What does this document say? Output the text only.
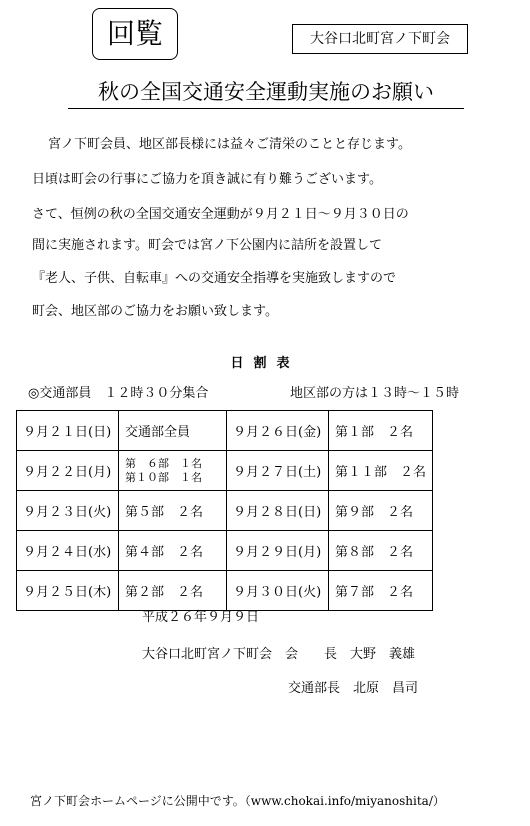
回覧	大谷口北町宮ノ下町会
秋の全国交通安全運動実施のお願い
宮ノ下町会員、地区部長様には益々ご清栄のことと存じます。
日頃は町会の行事にご協力を頂き誠に有り難うございます。
さて、恒例の秋の全国交通安全運動が９月２１日～９月３０日の
間に実施されます。町会では宮ノ下公園内に詰所を設置して
『老人、子供、自転車』への交通安全指導を実施致しますので
町会、地区部のご協力をお願い致します。
日割表
◎交通部員　１２時３０分集合	地区部の方は１３時～１５時
９月２１日(日)	交通部全員	９月２６日(金)	第１部　２名
９月２２日(月)	第　６部　１名
第１０部　１名	９月２７日(土)	第１１部　２名
９月２３日(火)	第５部　２名	９月２８日(日)	第９部　２名
９月２４日(水)	第４部　２名	９月２９日(月)	第８部　２名
９月２５日(木)	第２部　２名	９月３０日(火)	第７部　２名
平成２６年９月９日
大谷口北町宮ノ下町会　会　　長　大野　義雄
交通部長　北原　昌司
宮ノ下町会ホームページに公開中です。（www.chokai.info/miyanoshita/）
